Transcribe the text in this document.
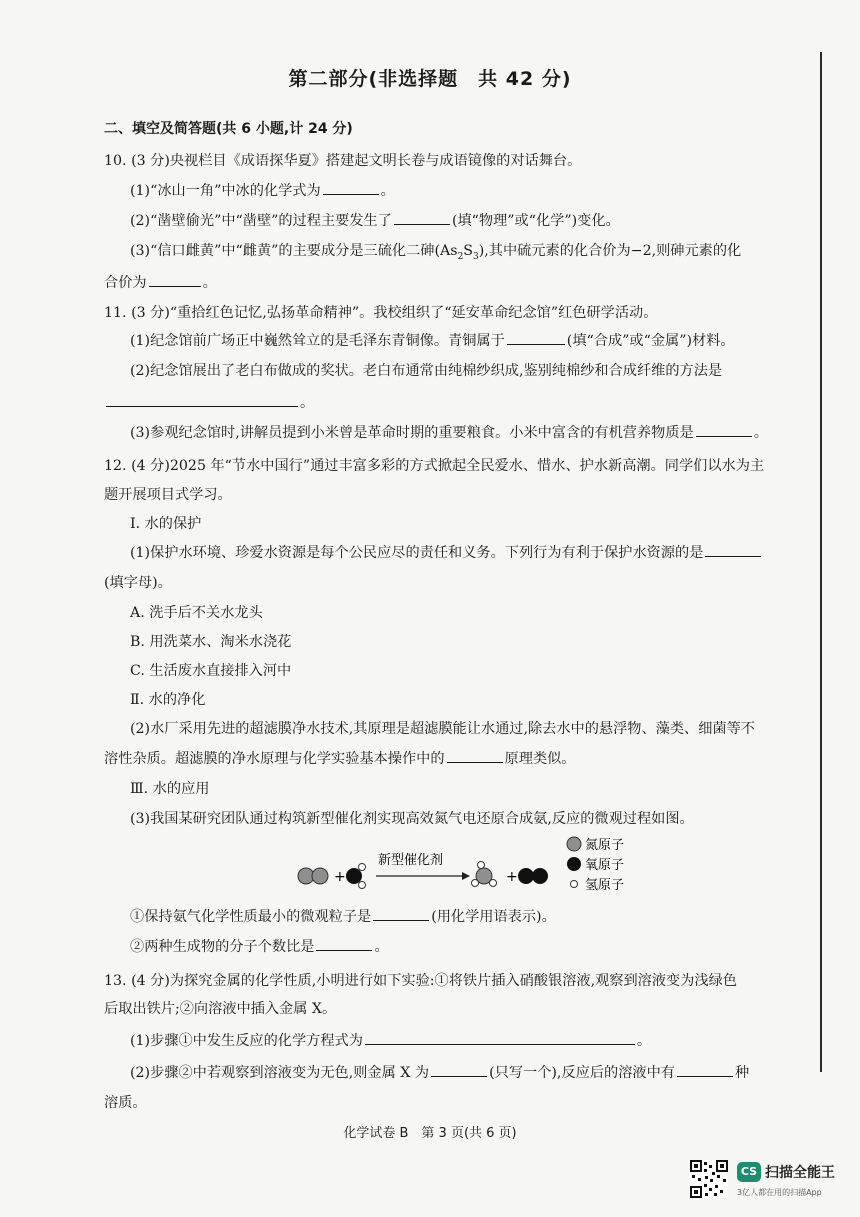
第二部分(非选择题　共 42 分)
二、填空及简答题(共 6 小题,计 24 分)
10. (3 分)央视栏目《成语探华夏》搭建起文明长卷与成语镜像的对话舞台。
(1)“冰山一角”中冰的化学式为	。
(2)“凿壁偷光”中“凿壁”的过程主要发生了	(填“物理”或“化学”)变化。
(3)“信口雌黄”中“雌黄”的主要成分是三硫化二砷$(As_2S_3)$,其中硫元素的化合价为−2,则砷元素的化
合价为	。
11. (3 分)“重拾红色记忆,弘扬革命精神”。我校组织了“延安革命纪念馆”红色研学活动。
(1)纪念馆前广场正中巍然耸立的是毛泽东青铜像。青铜属于	(填“合成”或“金属”)材料。
(2)纪念馆展出了老白布做成的奖状。老白布通常由纯棉纱织成,鉴别纯棉纱和合成纤维的方法是
。
(3)参观纪念馆时,讲解员提到小米曾是革命时期的重要粮食。小米中富含的有机营养物质是	。
12. (4 分)2025 年“节水中国行”通过丰富多彩的方式掀起全民爱水、惜水、护水新高潮。同学们以水为主
题开展项目式学习。
Ⅰ. 水的保护
(1)保护水环境、珍爱水资源是每个公民应尽的责任和义务。下列行为有利于保护水资源的是
(填字母)。
A. 洗手后不关水龙头
B. 用洗菜水、淘米水浇花
C. 生活废水直接排入河中
Ⅱ. 水的净化
(2)水厂采用先进的超滤膜净水技术,其原理是超滤膜能让水通过,除去水中的悬浮物、藻类、细菌等不
溶性杂质。超滤膜的净水原理与化学实验基本操作中的	原理类似。
Ⅲ. 水的应用
(3)我国某研究团队通过构筑新型催化剂实现高效氮气电还原合成氨,反应的微观过程如图。
+
新型催化剂
+
氮原子
氧原子
氢原子
①保持氨气化学性质最小的微观粒子是	(用化学用语表示)。
②两种生成物的分子个数比是	。
13. (4 分)为探究金属的化学性质,小明进行如下实验:①将铁片插入硝酸银溶液,观察到溶液变为浅绿色
后取出铁片;②向溶液中插入金属 X。
(1)步骤①中发生反应的化学方程式为	。
(2)步骤②中若观察到溶液变为无色,则金属 X 为	(只写一个),反应后的溶液中有	种
溶质。
化学试卷 B　第 3 页(共 6 页)
CS 扫描全能王
3亿人都在用的扫描App
